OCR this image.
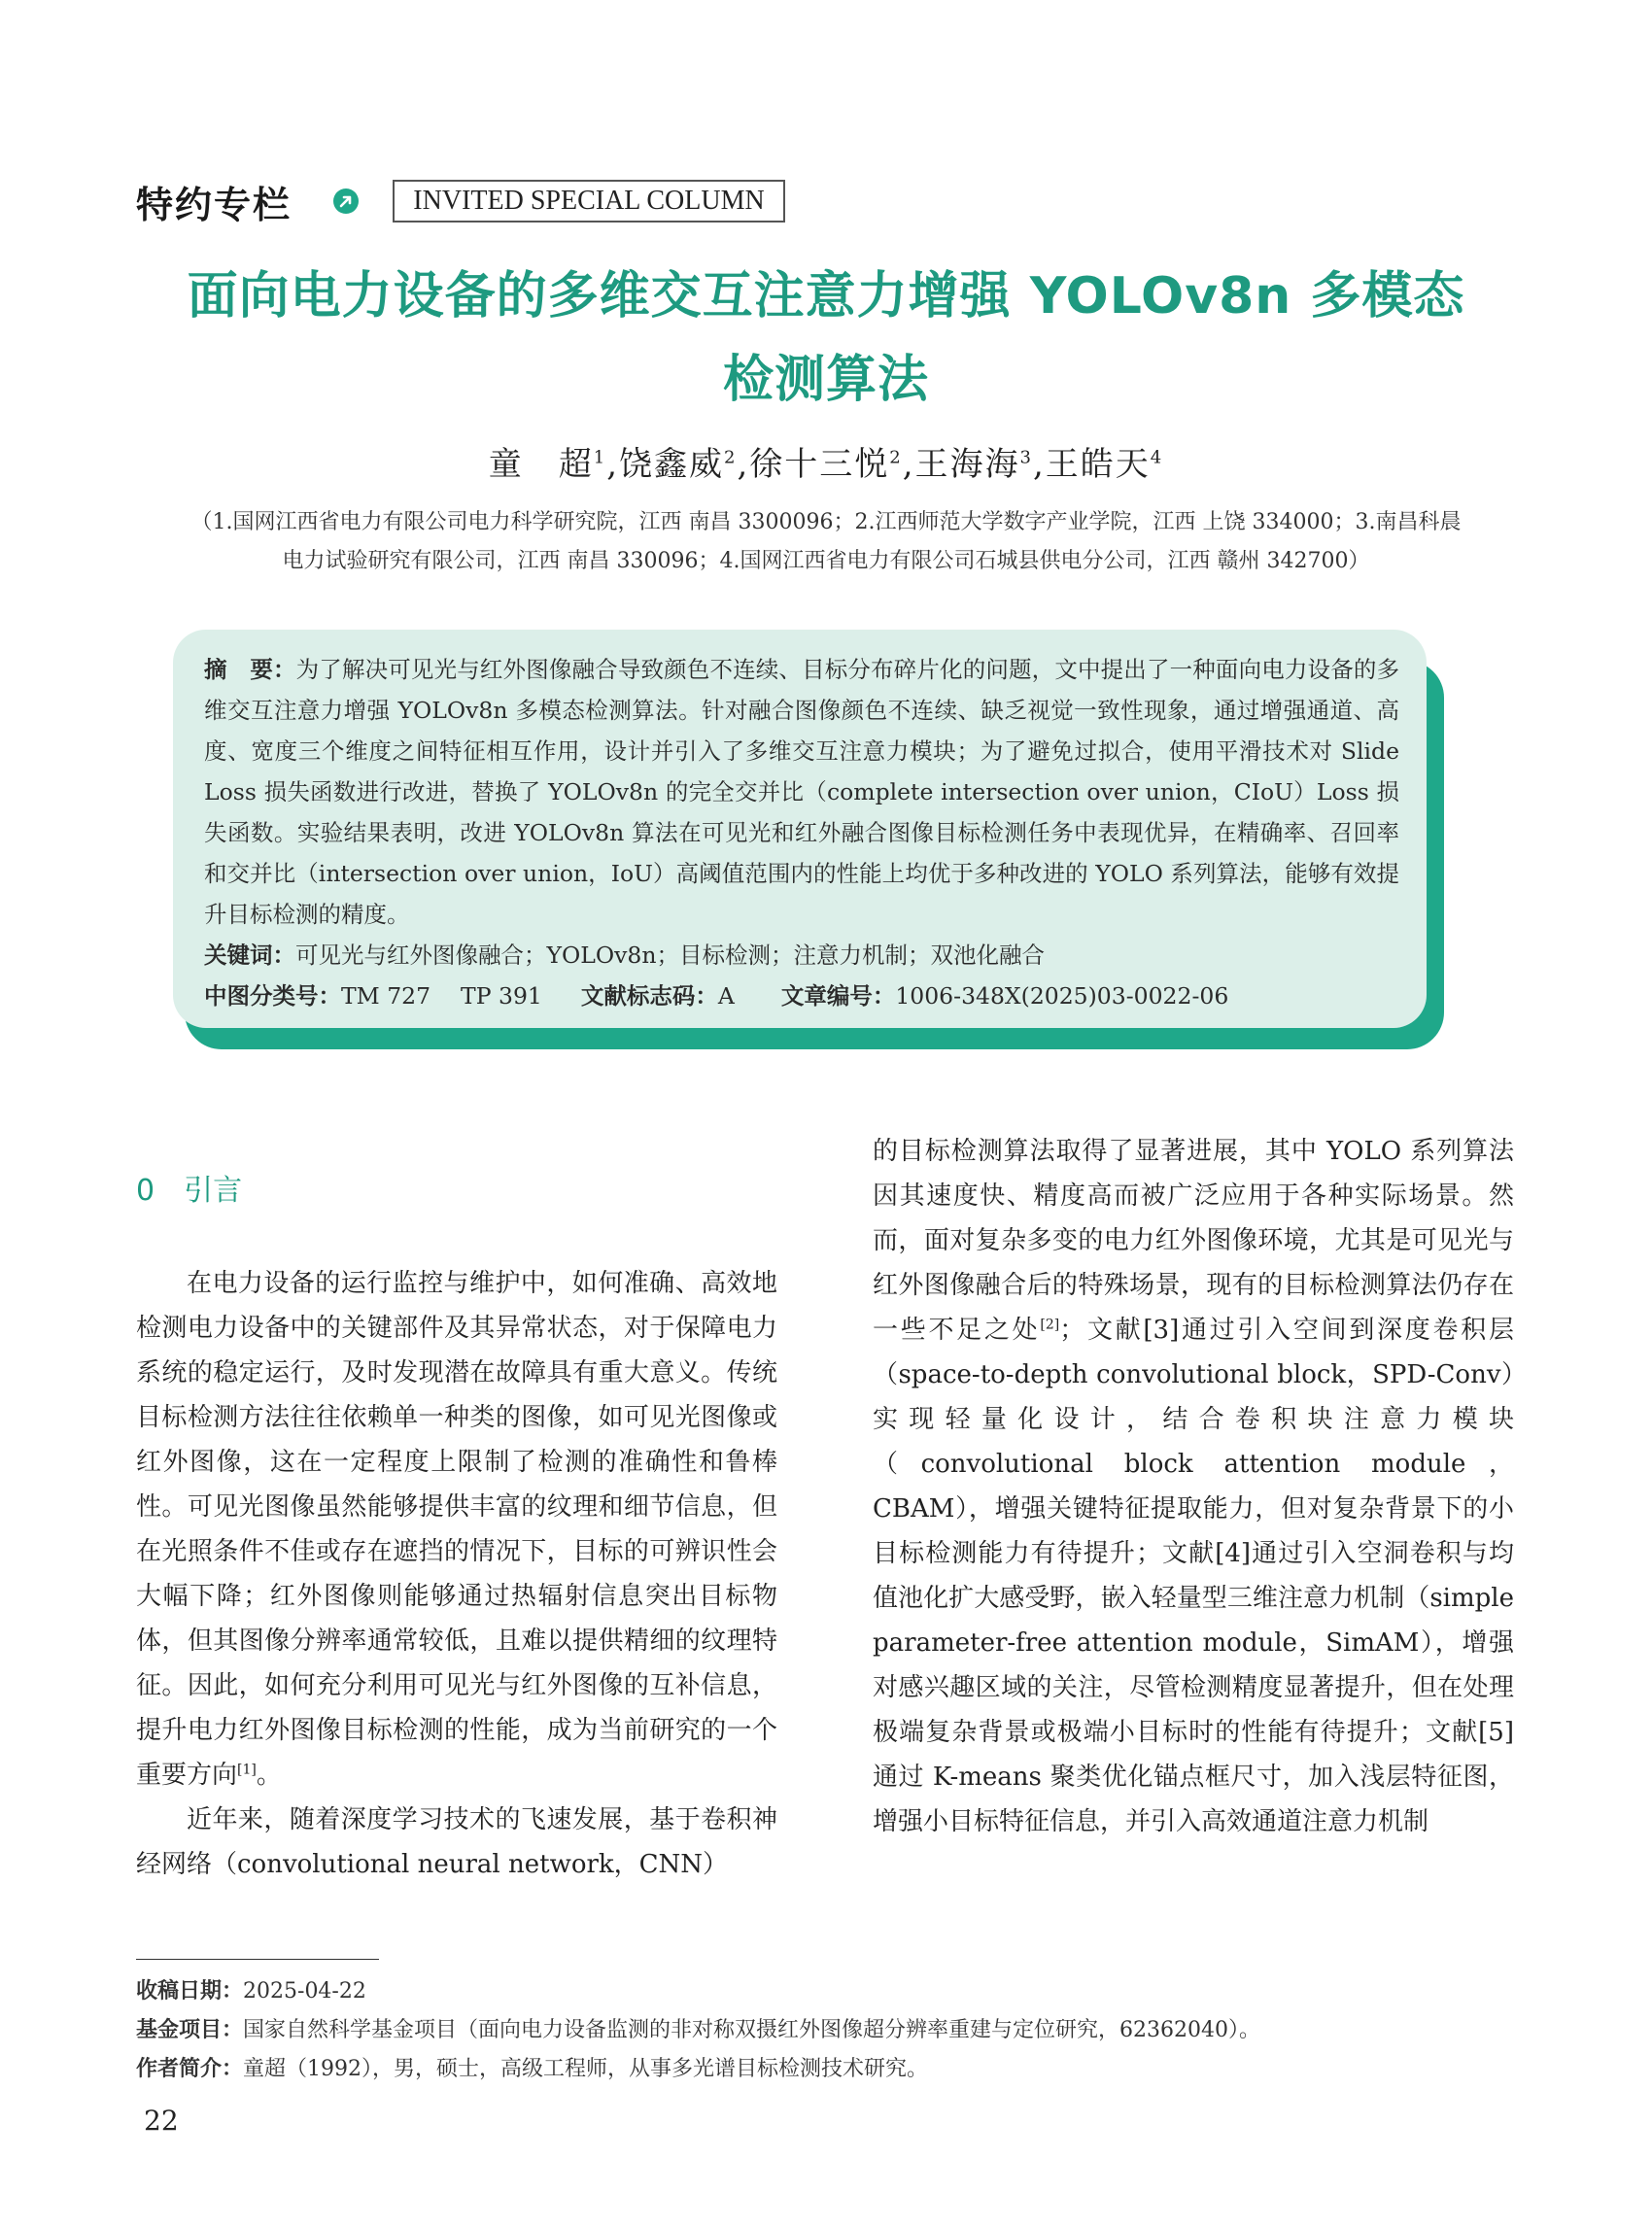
特约专栏	INVITED SPECIAL COLUMN
面向电力设备的多维交互注意力增强 YOLOv8n 多模态
检测算法
童　超$^1$,饶鑫威$^2$,徐十三悦$^2$,王海海$^3$,王皓天$^4$
（1.国网江西省电力有限公司电力科学研究院，江西 南昌 3300096；2.江西师范大学数字产业学院，江西 上饶 334000；3.南昌科晨
电力试验研究有限公司，江西 南昌 330096；4.国网江西省电力有限公司石城县供电分公司，江西 赣州 342700）
摘　要：为了解决可见光与红外图像融合导致颜色不连续、目标分布碎片化的问题，文中提出了一种面向电力设备的多维交互注意力增强 YOLOv8n 多模态检测算法。针对融合图像颜色不连续、缺乏视觉一致性现象，通过增强通道、高度、宽度三个维度之间特征相互作用，设计并引入了多维交互注意力模块；为了避免过拟合，使用平滑技术对 Slide Loss 损失函数进行改进，替换了 YOLOv8n 的完全交并比（complete intersection over union，CIoU）Loss 损失函数。实验结果表明，改进 YOLOv8n 算法在可见光和红外融合图像目标检测任务中表现优异，在精确率、召回率和交并比（intersection over union，IoU）高阈值范围内的性能上均优于多种改进的 YOLO 系列算法，能够有效提升目标检测的精度。
关键词：可见光与红外图像融合；YOLOv8n；目标检测；注意力机制；双池化融合
中图分类号：TM 727　 TP 391 文献标志码：A 文章编号：1006-348X(2025)03-0022-06
0 引言

在电力设备的运行监控与维护中，如何准确、高效地检测电力设备中的关键部件及其异常状态，对于保障电力系统的稳定运行，及时发现潜在故障具有重大意义。传统目标检测方法往往依赖单一种类的图像，如可见光图像或红外图像，这在一定程度上限制了检测的准确性和鲁棒性。可见光图像虽然能够提供丰富的纹理和细节信息，但在光照条件不佳或存在遮挡的情况下，目标的可辨识性会大幅下降；红外图像则能够通过热辐射信息突出目标物体，但其图像分辨率通常较低，且难以提供精细的纹理特征。因此，如何充分利用可见光与红外图像的互补信息，提升电力红外图像目标检测的性能，成为当前研究的一个重要方向[1]。

近年来，随着深度学习技术的飞速发展，基于卷积神经网络（convolutional neural network，CNN）

的目标检测算法取得了显著进展，其中 YOLO 系列算法因其速度快、精度高而被广泛应用于各种实际场景。然而，面对复杂多变的电力红外图像环境，尤其是可见光与红外图像融合后的特殊场景，现有的目标检测算法仍存在一些不足之处[2]；文献[3]通过引入空间到深度卷积层（space-to-depth convolutional block，SPD-Conv）实现轻量化设计，结合卷积块注意力模块（convolutional block attention module，CBAM），增强关键特征提取能力，但对复杂背景下的小目标检测能力有待提升；文献[4]通过引入空洞卷积与均值池化扩大感受野，嵌入轻量型三维注意力机制（simple parameter-free attention module，SimAM），增强对感兴趣区域的关注，尽管检测精度显著提升，但在处理极端复杂背景或极端小目标时的性能有待提升；文献[5]通过 K-means 聚类优化锚点框尺寸，加入浅层特征图，增强小目标特征信息，并引入高效通道注意力机制

收稿日期：2025-04-22
基金项目：国家自然科学基金项目（面向电力设备监测的非对称双摄红外图像超分辨率重建与定位研究，62362040）。
作者简介：童超（1992），男，硕士，高级工程师，从事多光谱目标检测技术研究。
22
